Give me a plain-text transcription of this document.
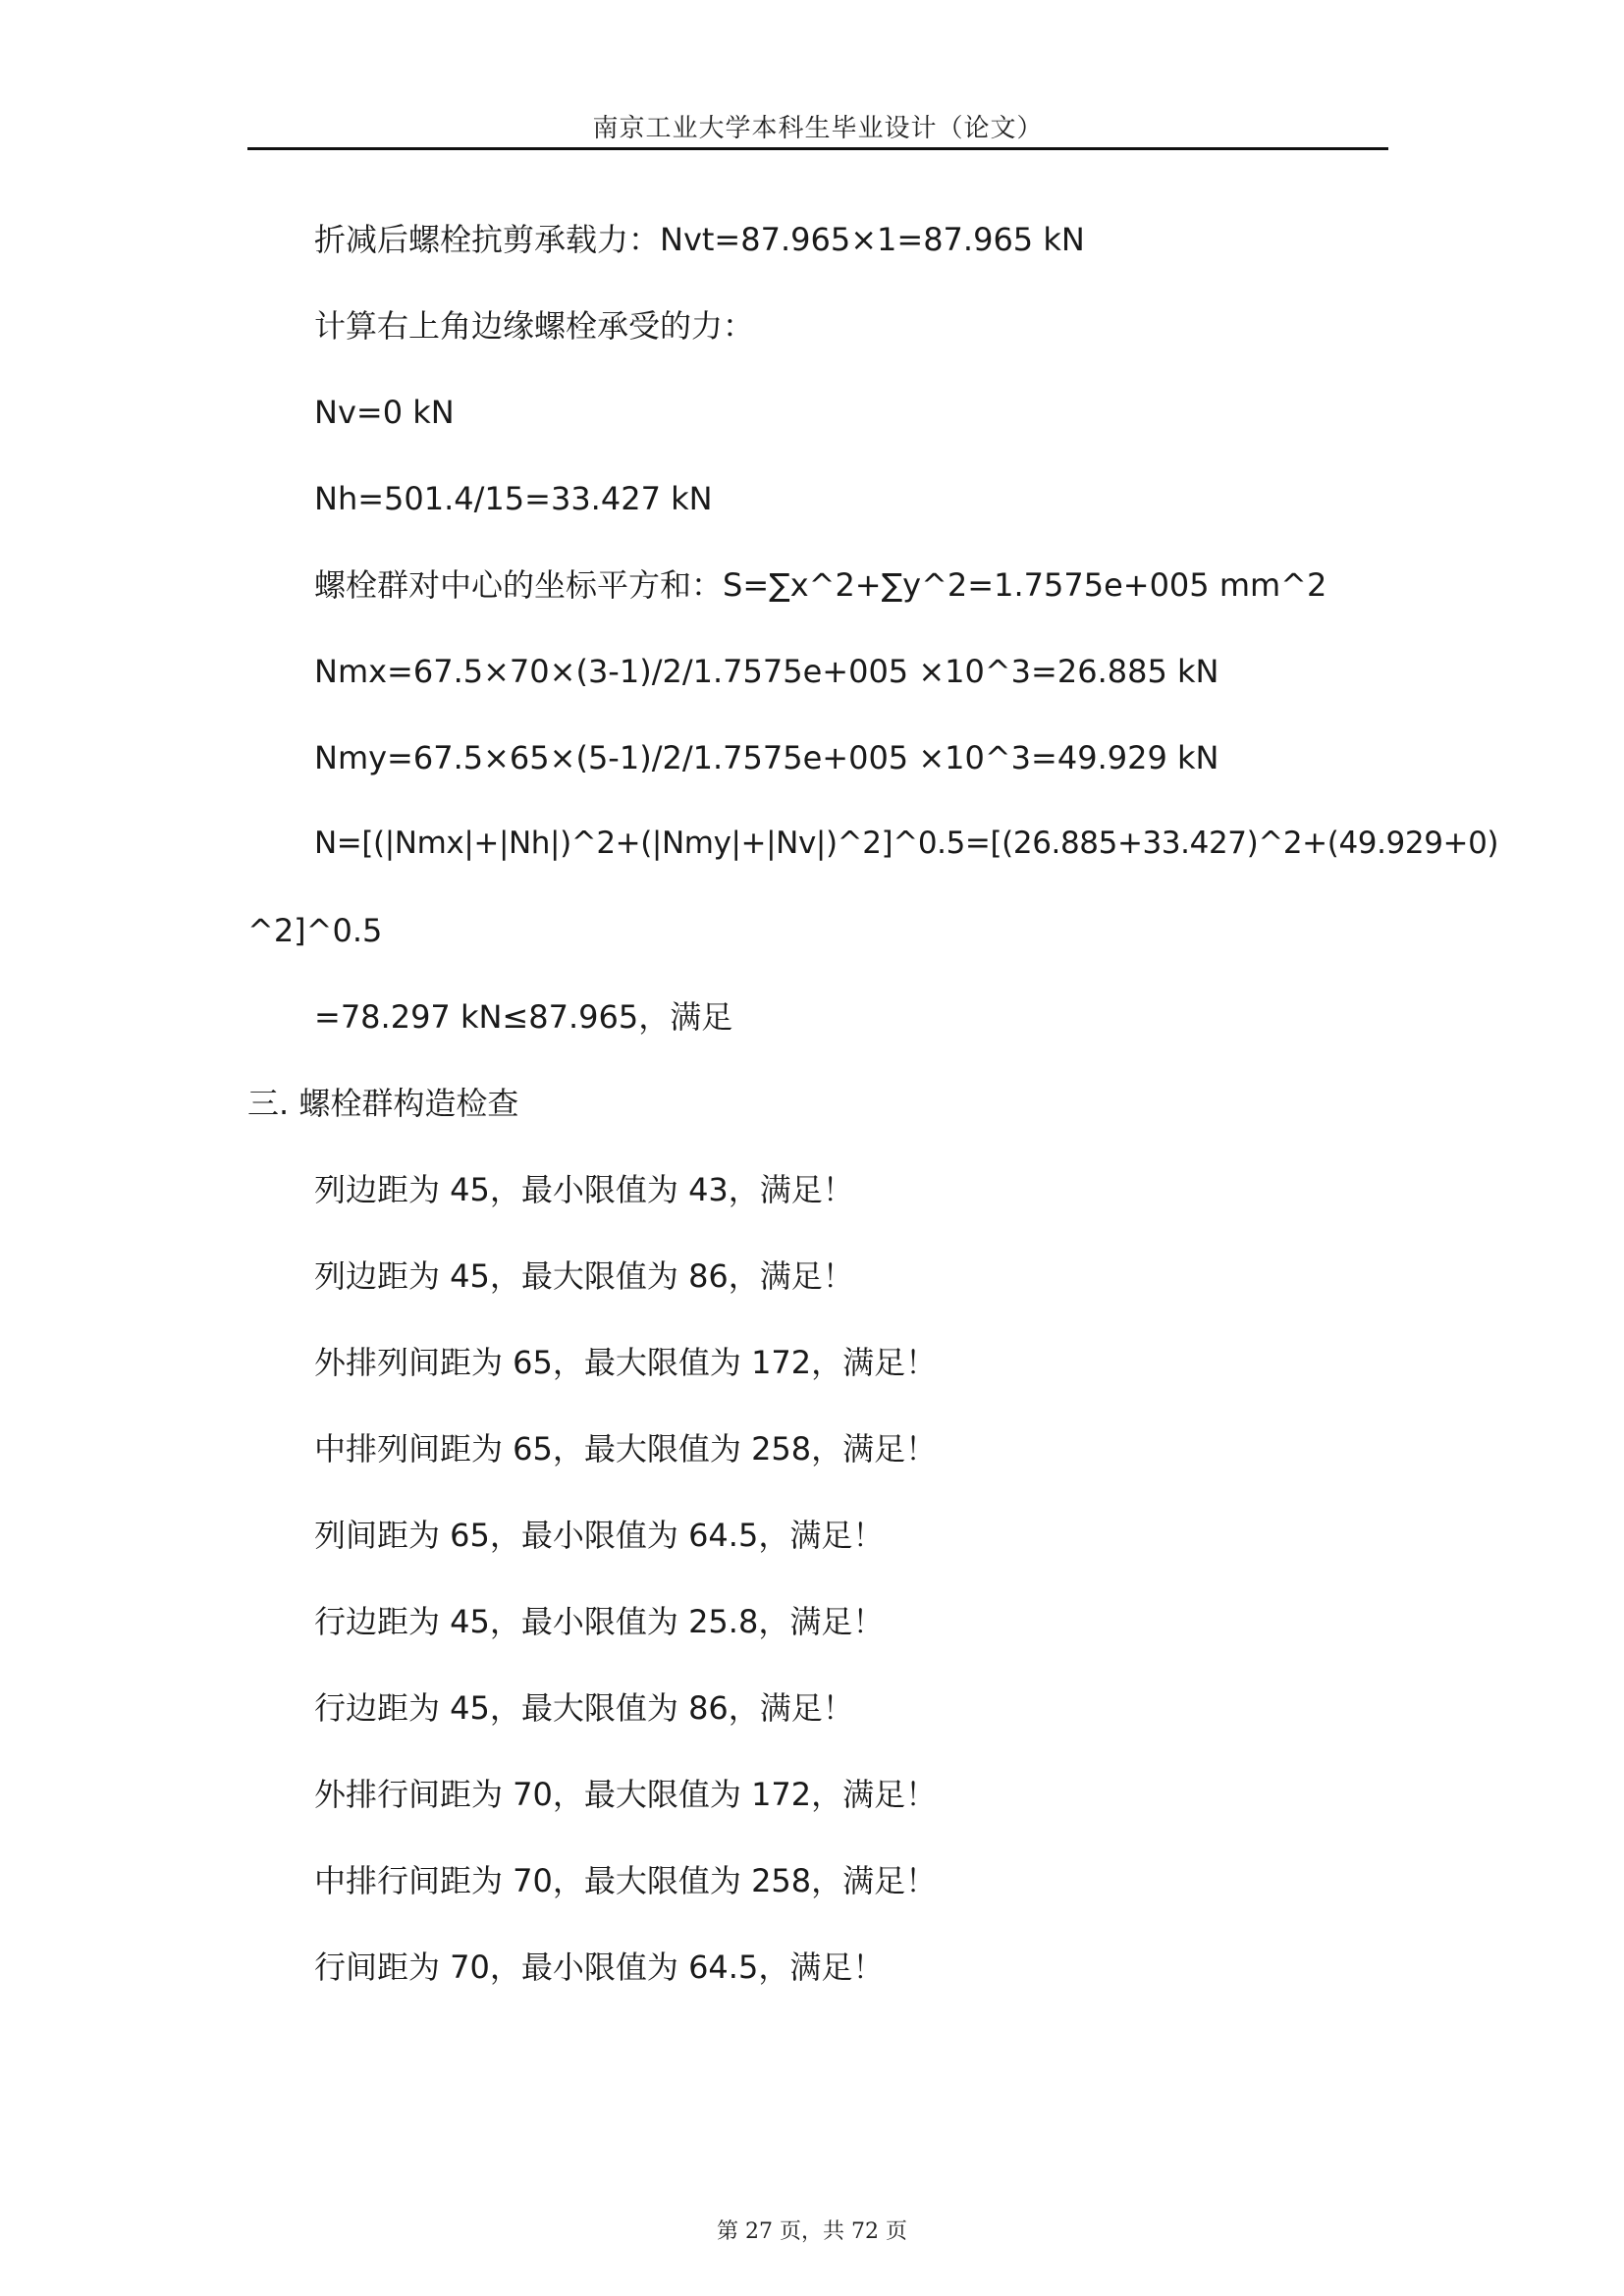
南京工业大学本科生毕业设计（论文）
折减后螺栓抗剪承载力：Nvt=87.965×1=87.965 kN
计算右上角边缘螺栓承受的力：
Nv=0 kN
Nh=501.4/15=33.427 kN
螺栓群对中心的坐标平方和：S=∑x^2+∑y^2=1.7575e+005 mm^2
Nmx=67.5×70×(3-1)/2/1.7575e+005 ×10^3=26.885 kN
Nmy=67.5×65×(5-1)/2/1.7575e+005 ×10^3=49.929 kN
N=[(|Nmx|+|Nh|)^2+(|Nmy|+|Nv|)^2]^0.5=[(26.885+33.427)^2+(49.929+0)
^2]^0.5
=78.297 kN≤87.965，满足
三. 螺栓群构造检查
列边距为 45，最小限值为 43，满足！
列边距为 45，最大限值为 86，满足！
外排列间距为 65，最大限值为 172，满足！
中排列间距为 65，最大限值为 258，满足！
列间距为 65，最小限值为 64.5，满足！
行边距为 45，最小限值为 25.8，满足！
行边距为 45，最大限值为 86，满足！
外排行间距为 70，最大限值为 172，满足！
中排行间距为 70，最大限值为 258，满足！
行间距为 70，最小限值为 64.5，满足！
第 27 页，共 72 页
